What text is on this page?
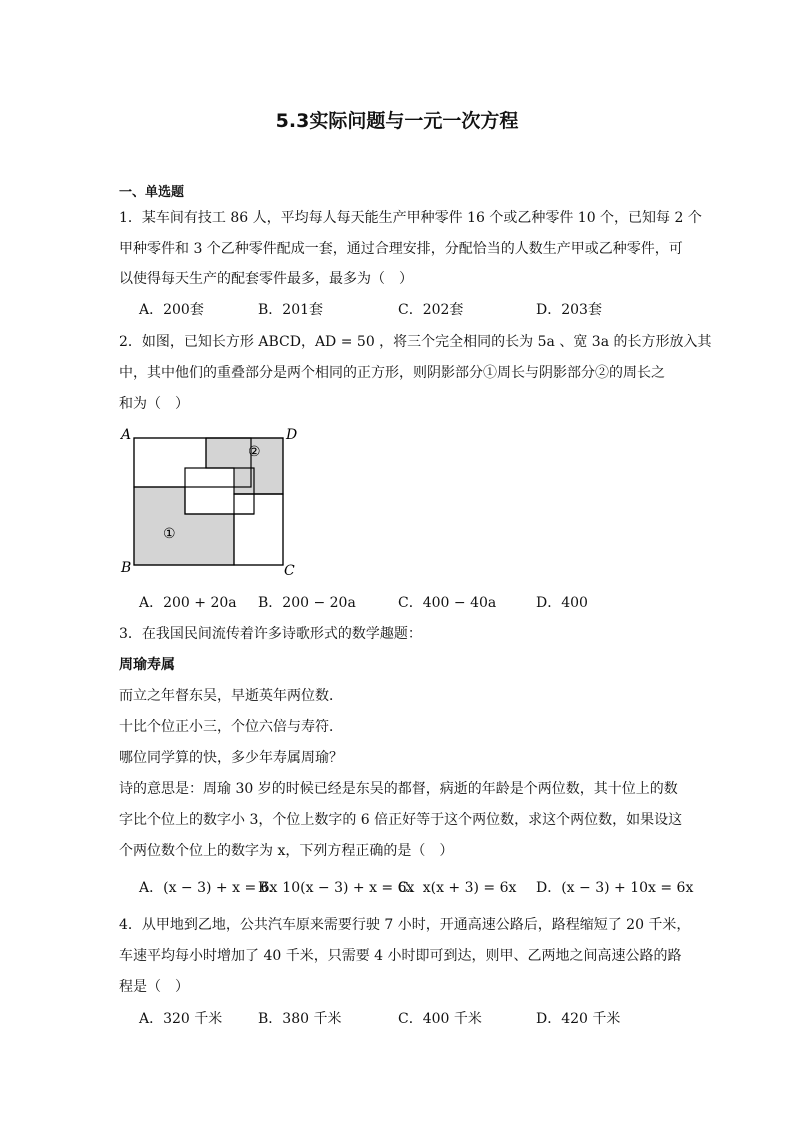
5.3实际问题与一元一次方程
一、单选题
1．某车间有技工 86 人，平均每人每天能生产甲种零件 16 个或乙种零件 10 个，已知每 2 个
甲种零件和 3 个乙种零件配成一套，通过合理安排，分配恰当的人数生产甲或乙种零件，可
以使得每天生产的配套零件最多，最多为（　）
A．200套	B．201套	C．202套	D．203套
2．如图，已知长方形 ABCD，AD = 50 ，将三个完全相同的长为 5a 、宽 3a 的长方形放入其
中，其中他们的重叠部分是两个相同的正方形，则阴影部分①周长与阴影部分②的周长之
和为（　）
A	D
B	C
②
①
A．200 + 20a B．200 − 20a	C．400 − 40a	D．400
3．在我国民间流传着许多诗歌形式的数学趣题：
周瑜寿属
而立之年督东吴，早逝英年两位数．
十比个位正小三，个位六倍与寿符．
哪位同学算的快，多少年寿属周瑜？
诗的意思是：周瑜 30 岁的时候已经是东吴的都督，病逝的年龄是个两位数，其十位上的数
字比个位上的数字小 3，个位上数字的 6 倍正好等于这个两位数，求这个两位数，如果设这
个两位数个位上的数字为 x，下列方程正确的是（　）
A．(x − 3) + x = 6x
B．10(x − 3) + x = 6x
C．x(x + 3) = 6x D．(x − 3) + 10x = 6x
4．从甲地到乙地，公共汽车原来需要行驶 7 小时，开通高速公路后，路程缩短了 20 千米，
车速平均每小时增加了 40 千米，只需要 4 小时即可到达，则甲、乙两地之间高速公路的路
程是（　）
A．320 千米	B．380 千米	C．400 千米	D．420 千米
